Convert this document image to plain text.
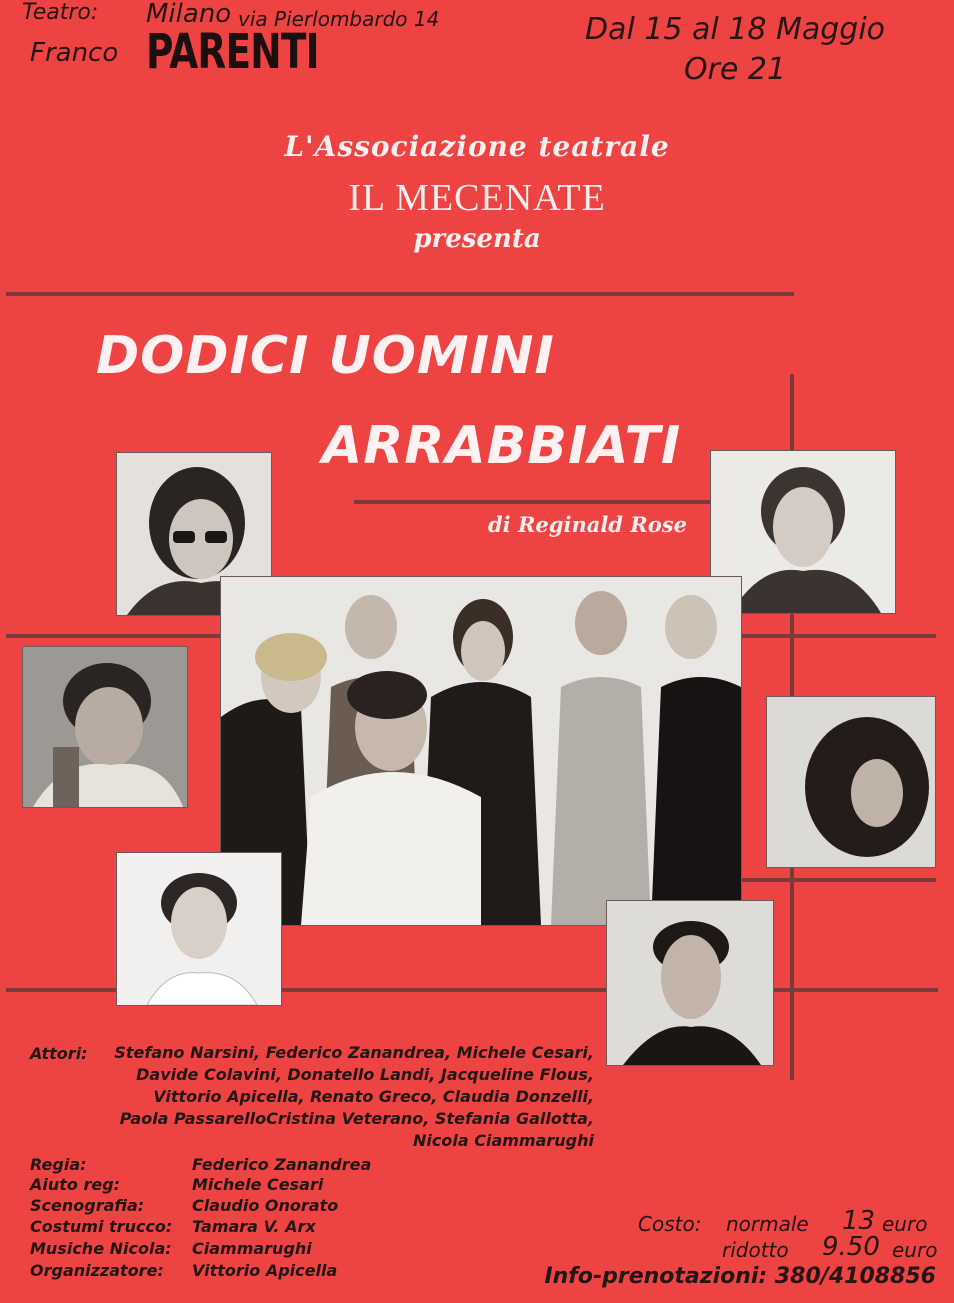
Teatro:
Franco
Milano via Pierlombardo 14
PARENTI	Dal 15 al 18 Maggio
Ore 21
L'Associazione teatrale
IL MECENATE
presenta
DODICI UOMINI
ARRABBIATI
di Reginald Rose
Attori:	Stefano Narsini, Federico Zanandrea, Michele Cesari,
Davide Colavini, Donatello Landi, Jacqueline Flous,
Vittorio Apicella, Renato Greco, Claudia Donzelli,
Paola PassarelloCristina Veterano, Stefania Gallotta,
Nicola Ciammarughi
Regia:	Federico Zanandrea
Aiuto reg:	Michele Cesari
Scenografia:	Claudio Onorato
Costumi trucco: Tamara V. Arx
Musiche Nicola: Ciammarughi
Organizzatore: Vittorio Apicella
Costo: normale 13 euro
ridotto 9.50 euro
Info-prenotazioni: 380/4108856
